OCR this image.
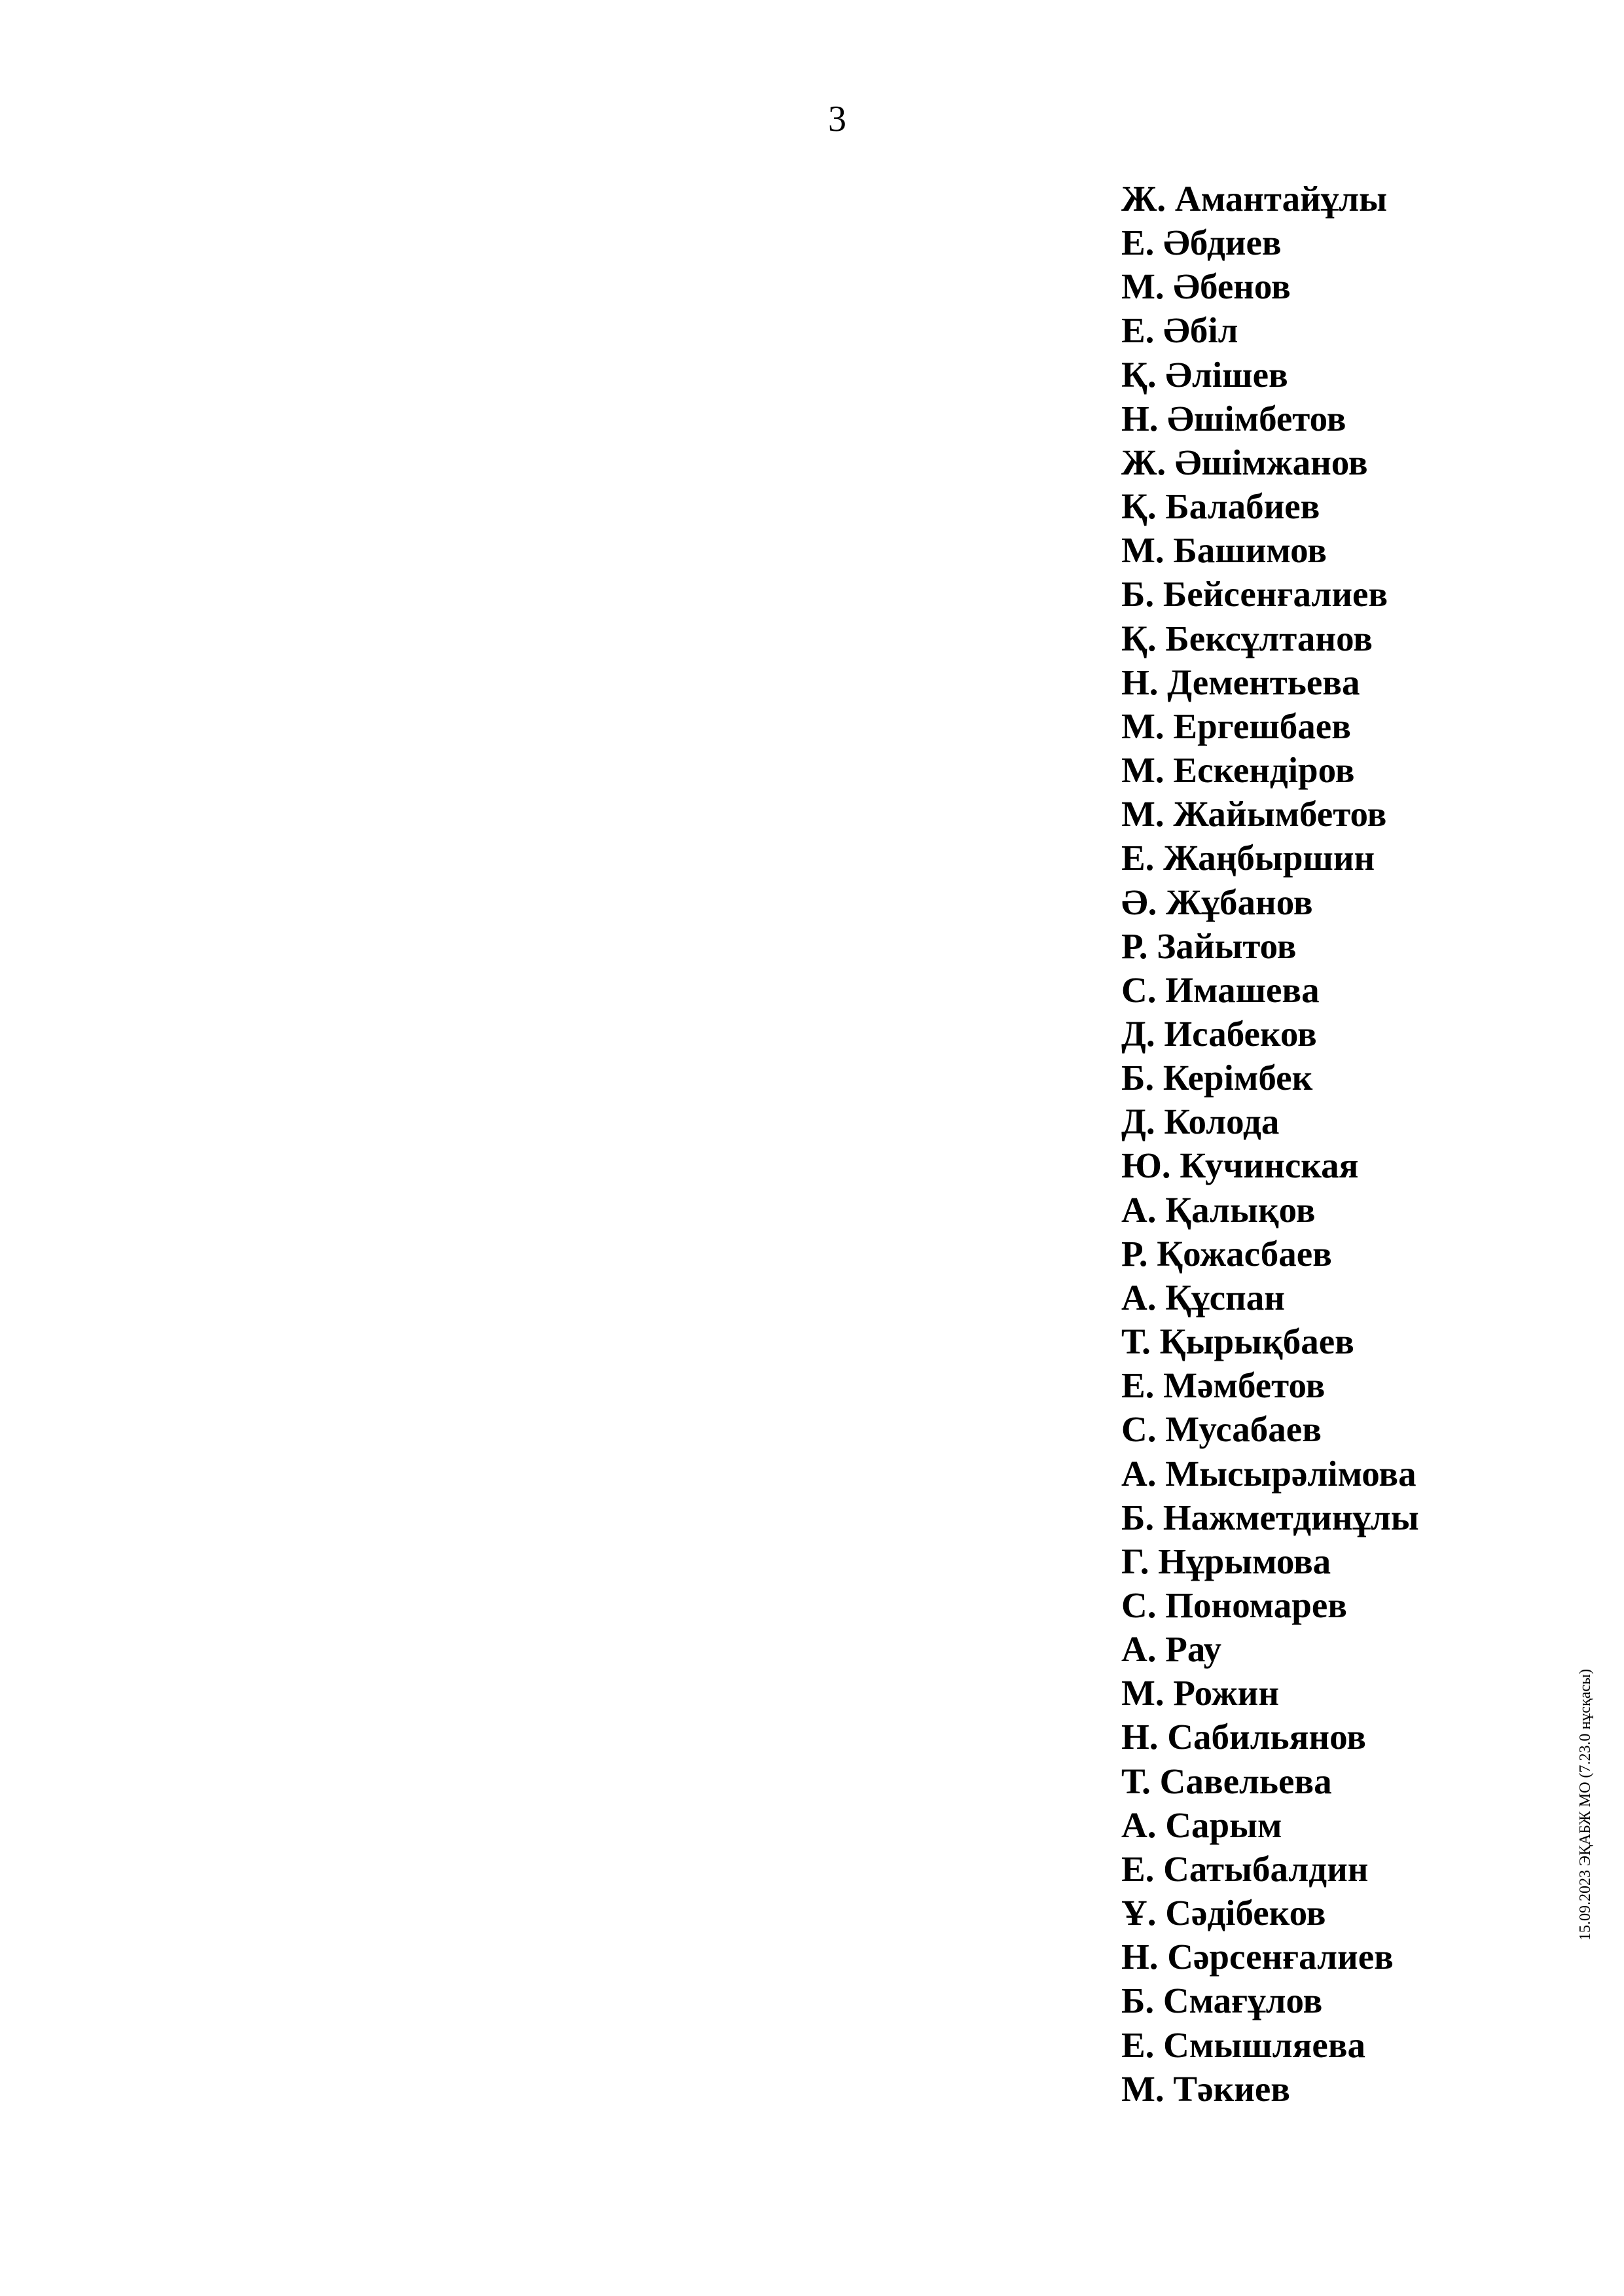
3
Ж. Амантайұлы
Е. Әбдиев
М. Әбенов
Е. Әбіл
Қ. Әлішев
Н. Әшімбетов
Ж. Әшімжанов
Қ. Балабиев
М. Башимов
Б. Бейсенғалиев
Қ. Бексұлтанов
Н. Дементьева
М. Ергешбаев
М. Ескендіров
М. Жайымбетов
Е. Жаңбыршин
Ә. Жұбанов
Р. Зайытов
С. Имашева
Д. Исабеков
Б. Керімбек
Д. Колода
Ю. Кучинская
А. Қалықов
Р. Қожасбаев
А. Құспан
Т. Қырықбаев
Е. Мәмбетов
С. Мусабаев
А. Мысырәлімова
Б. Нажметдинұлы
Г. Нұрымова
С. Пономарев
А. Рау
М. Рожин
Н. Сабильянов
Т. Савельева
А. Сарым
Е. Сатыбалдин
Ұ. Сәдібеков
Н. Сәрсенғалиев
Б. Смағұлов
Е. Смышляева
М. Тәкиев
15.09.2023 ЭҚАБЖ МО (7.23.0 нұсқасы)
